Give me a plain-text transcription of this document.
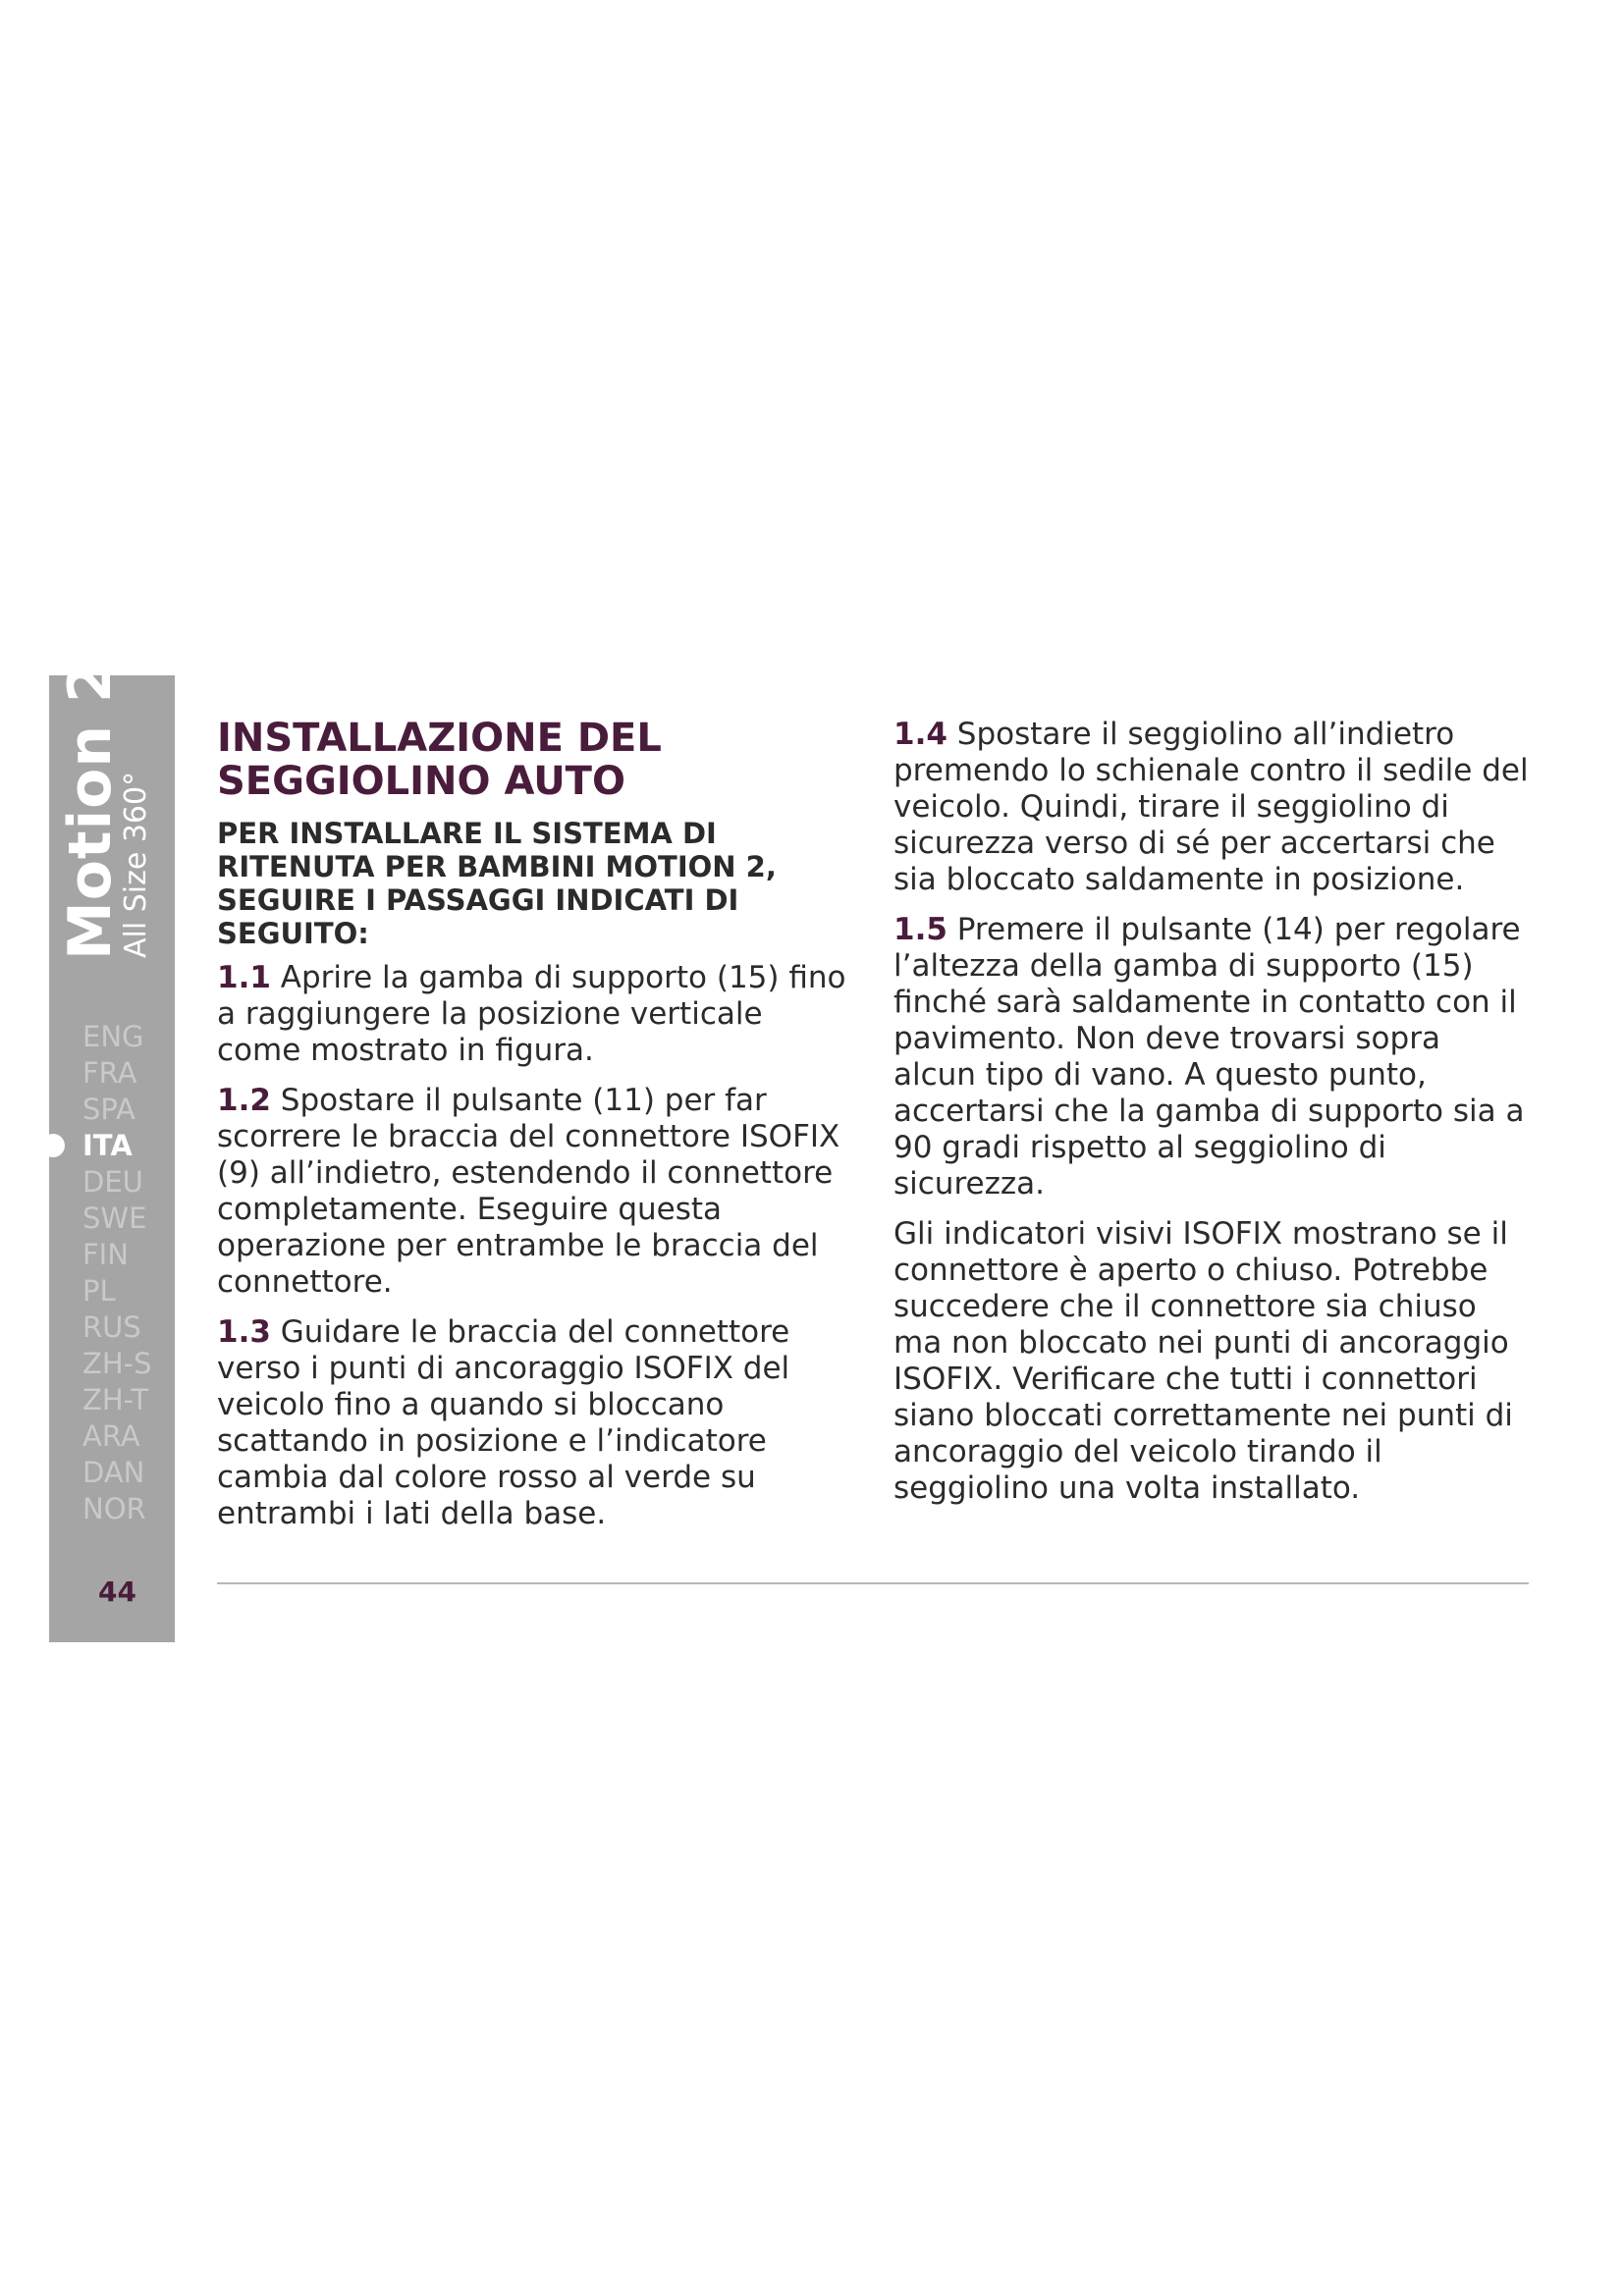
Motion 2
All Size 360°
ENG
FRA
SPA
ITA
DEU
SWE
FIN
PL
RUS
ZH-S
ZH-T
ARA
DAN
NOR
44
INSTALLAZIONE DEL SEGGIOLINO AUTO
PER INSTALLARE IL SISTEMA DI RITENUTA PER BAMBINI MOTION 2, SEGUIRE I PASSAGGI INDICATI DI SEGUITO:

1.1 Aprire la gamba di supporto (15) fino a raggiungere la posizione verticale come mostrato in figura.

1.2 Spostare il pulsante (11) per far scorrere le braccia del connettore ISOFIX (9) all’indietro, estendendo il connettore completamente. Eseguire questa operazione per entrambe le braccia del connettore.

1.3 Guidare le braccia del connettore verso i punti di ancoraggio ISOFIX del veicolo fino a quando si bloccano scattando in posizione e l’indicatore cambia dal colore rosso al verde su entrambi i lati della base.

1.4 Spostare il seggiolino all’indietro premendo lo schienale contro il sedile del veicolo. Quindi, tirare il seggiolino di sicurezza verso di sé per accertarsi che sia bloccato saldamente in posizione.

1.5 Premere il pulsante (14) per regolare l’altezza della gamba di supporto (15) finché sarà saldamente in contatto con il pavimento. Non deve trovarsi sopra alcun tipo di vano. A questo punto, accertarsi che la gamba di supporto sia a 90 gradi rispetto al seggiolino di sicurezza.

Gli indicatori visivi ISOFIX mostrano se il connettore è aperto o chiuso. Potrebbe succedere che il connettore sia chiuso ma non bloccato nei punti di ancoraggio ISOFIX. Verificare che tutti i connettori siano bloccati correttamente nei punti di ancoraggio del veicolo tirando il seggiolino una volta installato.
